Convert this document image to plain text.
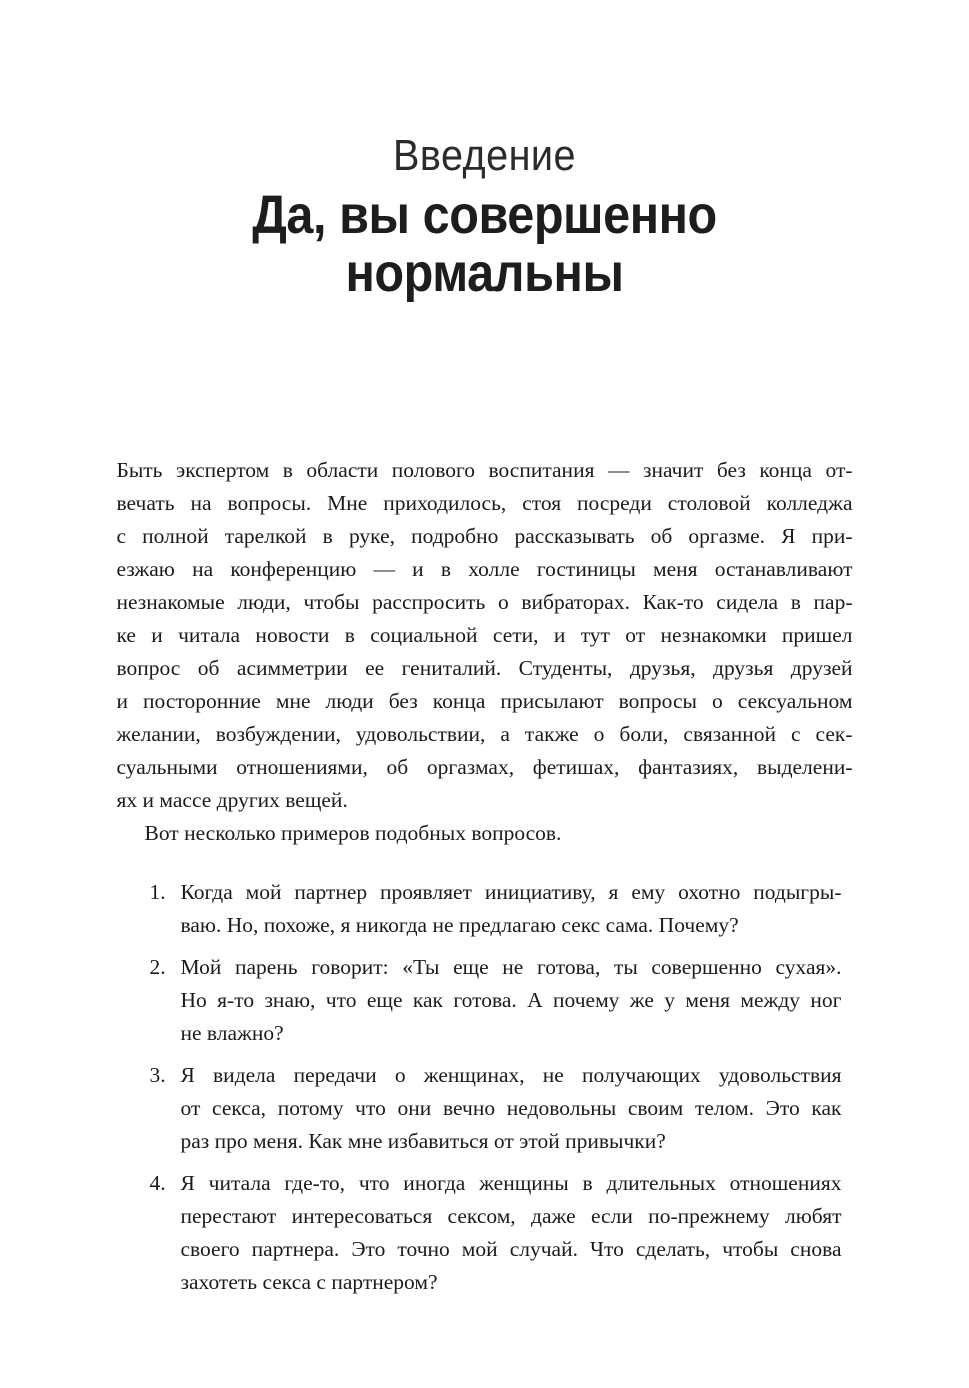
Введение
Да, вы совершенно
нормальны
Быть экспертом в области полового воспитания — значит без конца от-
вечать на вопросы. Мне приходилось, стоя посреди столовой колледжа
с полной тарелкой в руке, подробно рассказывать об оргазме. Я при-
езжаю на конференцию — и в холле гостиницы меня останавливают
незнакомые люди, чтобы расспросить о вибраторах. Как-то сидела в пар-
ке и читала новости в социальной сети, и тут от незнакомки пришел
вопрос об асимметрии ее гениталий. Студенты, друзья, друзья друзей
и посторонние мне люди без конца присылают вопросы о сексуальном
желании, возбуждении, удовольствии, а также о боли, связанной с сек-
суальными отношениями, об оргазмах, фетишах, фантазиях, выделени-
ях и массе других вещей.
Вот несколько примеров подобных вопросов.
1. Когда мой партнер проявляет инициативу, я ему охотно подыгры-
ваю. Но, похоже, я никогда не предлагаю секс сама. Почему?
2. Мой парень говорит: «Ты еще не готова, ты совершенно сухая».
Но я-то знаю, что еще как готова. А почему же у меня между ног
не влажно?
3. Я видела передачи о женщинах, не получающих удовольствия
от секса, потому что они вечно недовольны своим телом. Это как
раз про меня. Как мне избавиться от этой привычки?
4. Я читала где-то, что иногда женщины в длительных отношениях
перестают интересоваться сексом, даже если по-прежнему любят
своего партнера. Это точно мой случай. Что сделать, чтобы снова
захотеть секса с партнером?
